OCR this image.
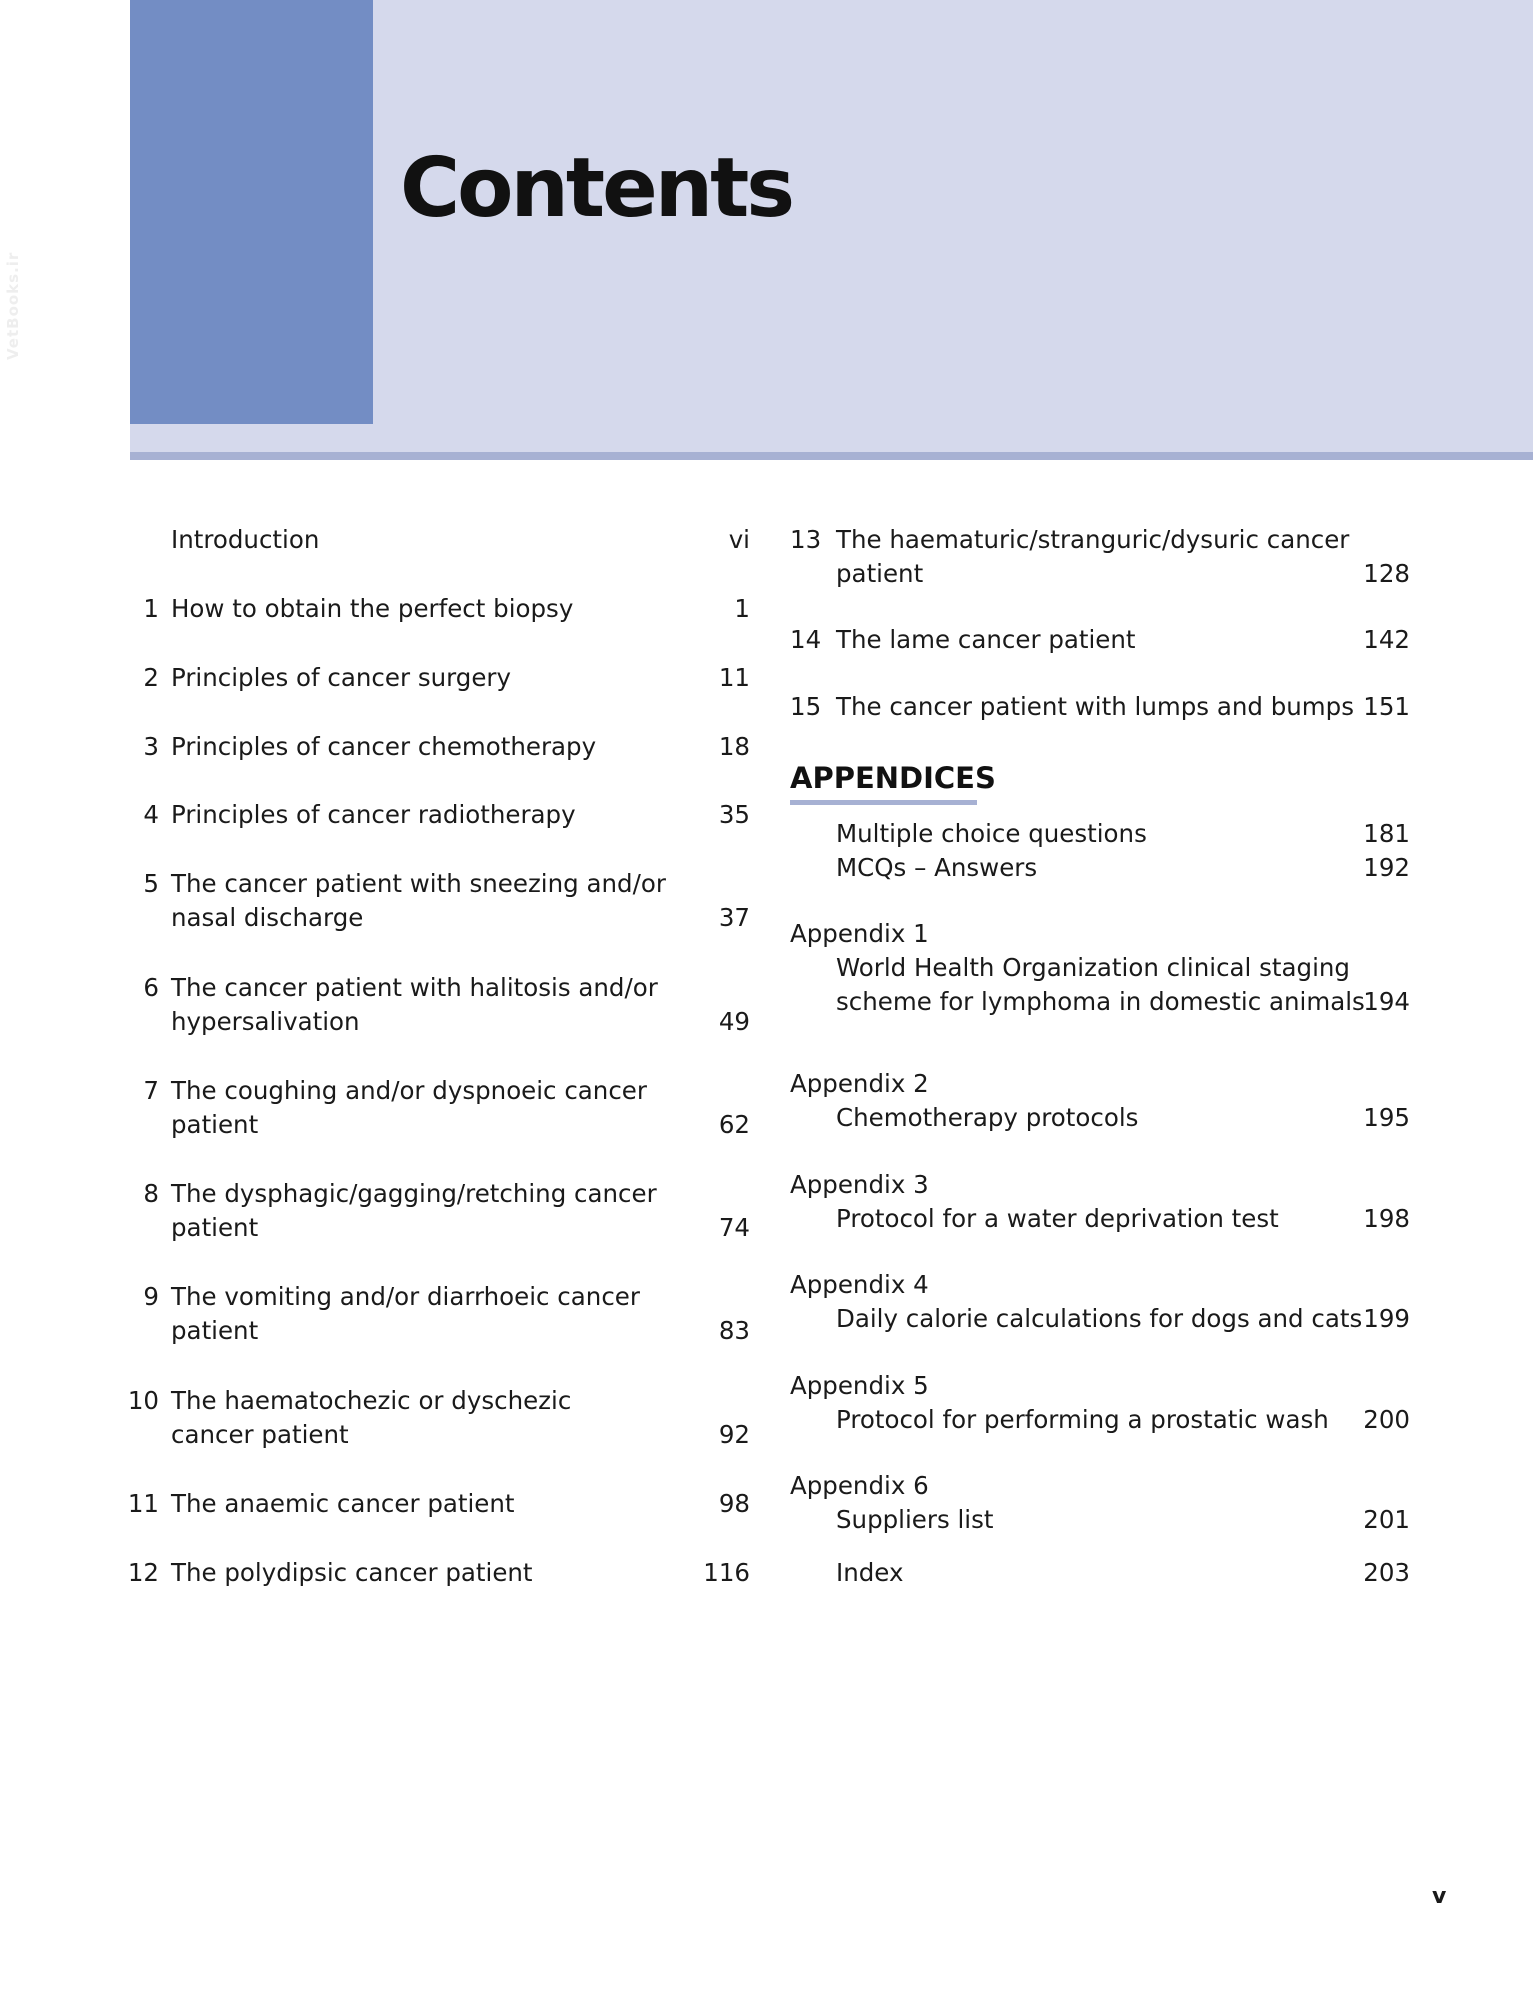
Contents
VetBooks.ir
Introduction	vi
1 How to obtain the perfect biopsy	1
2 Principles of cancer surgery	11
3 Principles of cancer chemotherapy	18
4 Principles of cancer radiotherapy	35
5 The cancer patient with sneezing and/or
nasal discharge	37
6 The cancer patient with halitosis and/or
hypersalivation	49
7 The coughing and/or dyspnoeic cancer
patient	62
8 The dysphagic/gagging/retching cancer
patient	74
9 The vomiting and/or diarrhoeic cancer
patient	83
10 The haematochezic or dyschezic
cancer patient	92
11 The anaemic cancer patient	98
12 The polydipsic cancer patient	116
APPENDICES
13 The haematuric/stranguric/dysuric cancer
patient	128
14 The lame cancer patient	142
15 The cancer patient with lumps and bumps 151
Multiple choice questions	181
MCQs – Answers	192
Appendix 1
World Health Organization clinical staging
scheme for lymphoma in domestic animals
194
Appendix 2
Chemotherapy protocols	195
Appendix 3
Protocol for a water deprivation test	198
Appendix 4
Daily calorie calculations for dogs and cats 199
Appendix 5
Protocol for performing a prostatic wash 200
Appendix 6
Suppliers list	201
Index	203
v
